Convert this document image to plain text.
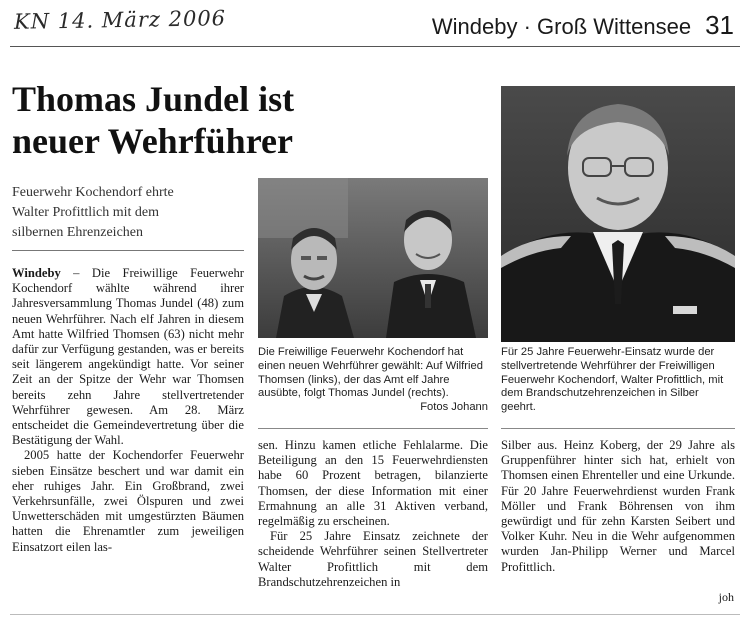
KN 14. März 2006	Windeby · Groß Wittensee 31
Thomas Jundel ist
neuer Wehrführer
Feuerwehr Kochendorf ehrte
Walter Profittlich mit dem
silbernen Ehrenzeichen

Windeby – Die Freiwillige Feuerwehr Kochendorf wählte während ihrer Jahresversammlung Thomas Jundel (48) zum neuen Wehrführer. Nach elf Jahren in diesem Amt hatte Wilfried Thomsen (63) nicht mehr dafür zur Verfügung gestanden, was er bereits seit längerem angekündigt hatte. Vor seiner Zeit an der Spitze der Wehr war Thomsen bereits zehn Jahre stellvertretender Wehrführer gewesen. Am 28. März entscheidet die Gemeindevertretung über die Bestätigung der Wahl.

2005 hatte der Kochendorfer Feuerwehr sieben Einsätze beschert und war damit ein eher ruhiges Jahr. Ein Großbrand, zwei Verkehrsunfälle, zwei Ölspuren und zwei Unwetterschäden mit umgestürzten Bäumen hatten die Ehrenamtler zum jeweiligen Einsatzort eilen las-

Die Freiwillige Feuerwehr Kochendorf hat einen neuen Wehrführer gewählt: Auf Wilfried Thomsen (links), der das Amt elf Jahre ausübte, folgt Thomas Jundel (rechts).
Fotos Johann
Für 25 Jahre Feuerwehr-Einsatz wurde der stellvertretende Wehrführer der Freiwilligen Feuerwehr Kochendorf, Walter Profittlich, mit dem Brandschutzehrenzeichen in Silber geehrt.

sen. Hinzu kamen etliche Fehlalarme. Die Beteiligung an den 15 Feuerwehrdiensten habe 60 Prozent betragen, bilanzierte Thomsen, der diese Information mit einer Ermahnung an alle 31 Aktiven verband, regelmäßig zu erscheinen.

Für 25 Jahre Einsatz zeichnete der scheidende Wehrführer seinen Stellvertreter Walter Profittlich mit dem Brandschutzehrenzeichen in

Silber aus. Heinz Koberg, der 29 Jahre als Gruppenführer hinter sich hat, erhielt von Thomsen einen Ehrenteller und eine Urkunde. Für 20 Jahre Feuerwehrdienst wurden Frank Möller und Frank Böhrensen von ihm gewürdigt und für zehn Karsten Seibert und Volker Kuhr. Neu in die Wehr aufgenommen wurden Jan-Philipp Werner und Marcel Profittlich.

joh
